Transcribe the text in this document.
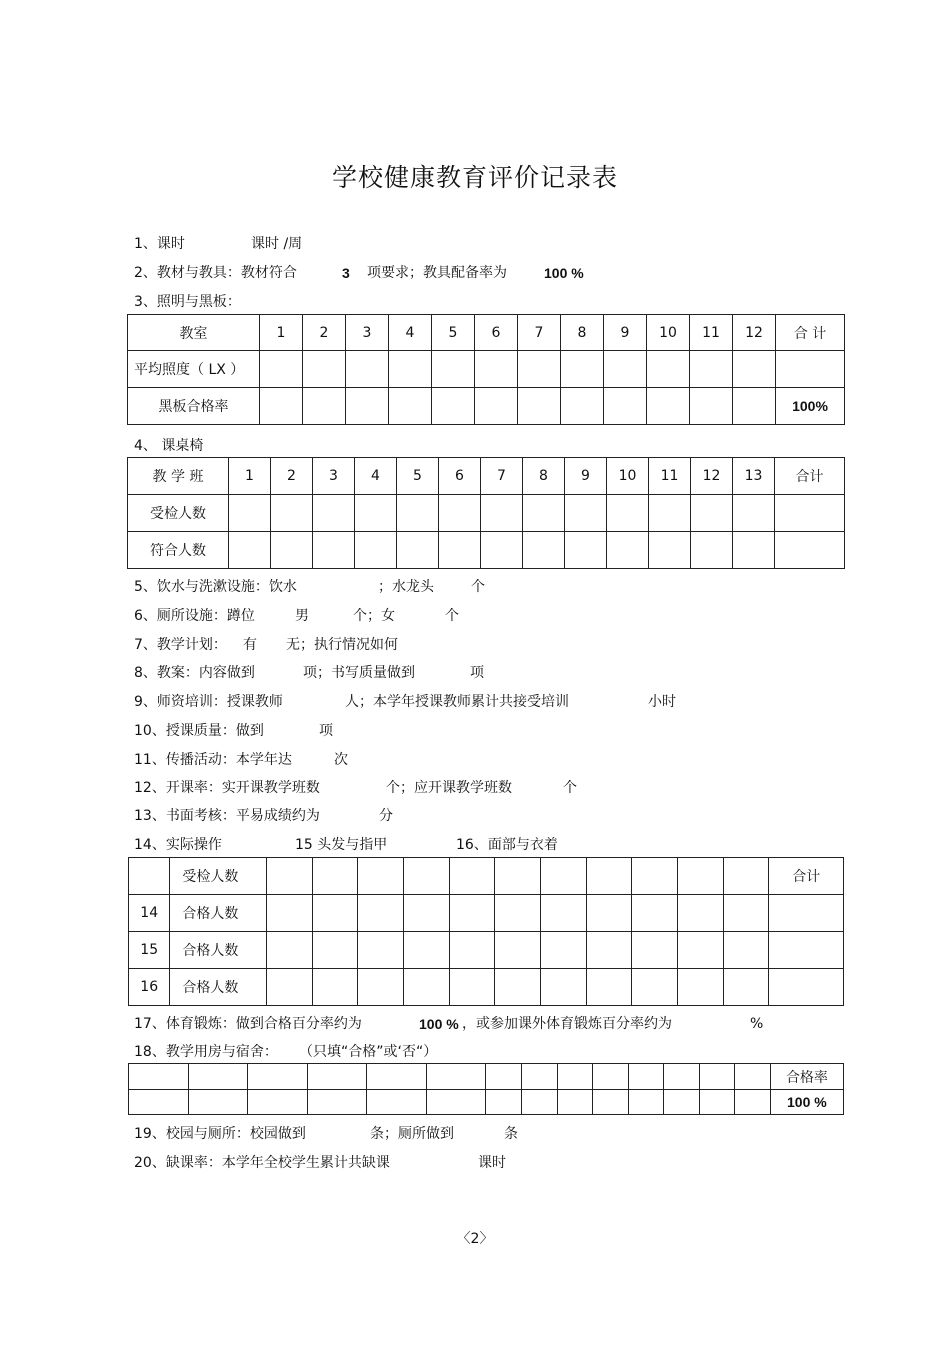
学校健康教育评价记录表
1、课时	课时 /周
2、教材与教具：教材符合	3 项要求；教具配备率为	100 %
3、照明与黑板：
教室	1	2	3	4	5	6	7	8	9	10	11	12	合 计
平均照度（ LX ）													
黑板合格率													100%
4、 课桌椅
教 学 班	1	2	3	4	5	6	7	8	9	10	11	12	13	合计
受检人数														
符合人数														
5、饮水与洗漱设施：饮水	；水龙头	个
6、厕所设施：蹲位	男	个；女	个
7、教学计划： 有 无；执行情况如何
8、教案：内容做到	项；书写质量做到	项
9、师资培训：授课教师	人；本学年授课教师累计共接受培训	小时
10、授课质量：做到	项
11、传播活动：本学年达	次
12、开课率：实开课教学班数	个；应开课教学班数	个
13、书面考核：平易成绩约为	分
14、实际操作	15 头发与指甲	16、面部与衣着
	受检人数												合计
14	合格人数												
15	合格人数												
16	合格人数												
17、体育锻炼：做到合格百分率约为	100 % ，或参加课外体育锻炼百分率约为	%
18、教学用房与宿舍： （只填“合格”或‘否“）
														合格率
														100 %
19、校园与厕所：校园做到	条；厕所做到	条
20、缺课率：本学年全校学生累计共缺课	课时
〈2〉
